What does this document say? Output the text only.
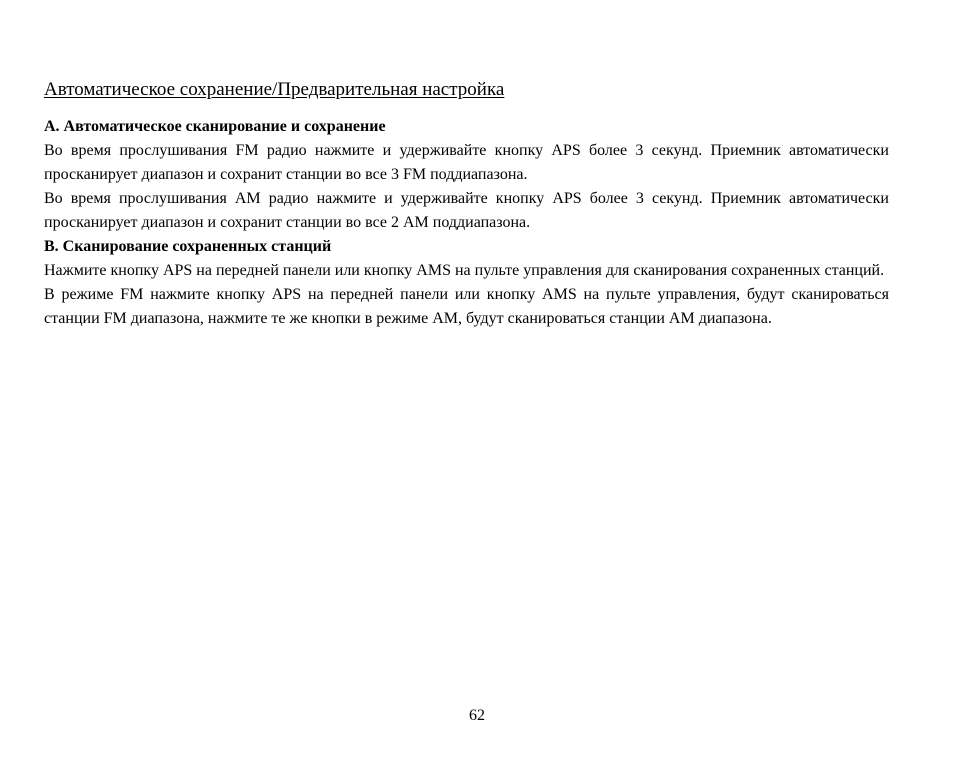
Автоматическое сохранение/Предварительная настройка

A. Автоматическое сканирование и сохранение

Во время прослушивания FM радио нажмите и удерживайте кнопку APS более 3 секунд. Приемник автоматически просканирует диапазон и сохранит станции во все 3 FM поддиапазона.

Во время прослушивания AM радио нажмите и удерживайте кнопку APS более 3 секунд. Приемник автоматически просканирует диапазон и сохранит станции во все 2 AM поддиапазона.

B. Сканирование сохраненных станций

Нажмите кнопку APS на передней панели или кнопку AMS на пульте управления для сканирования сохраненных станций.

В режиме FM нажмите кнопку APS на передней панели или кнопку AMS на пульте управления, будут сканироваться станции FM диапазона, нажмите те же кнопки в режиме AM, будут сканироваться станции AM диапазона.

62
